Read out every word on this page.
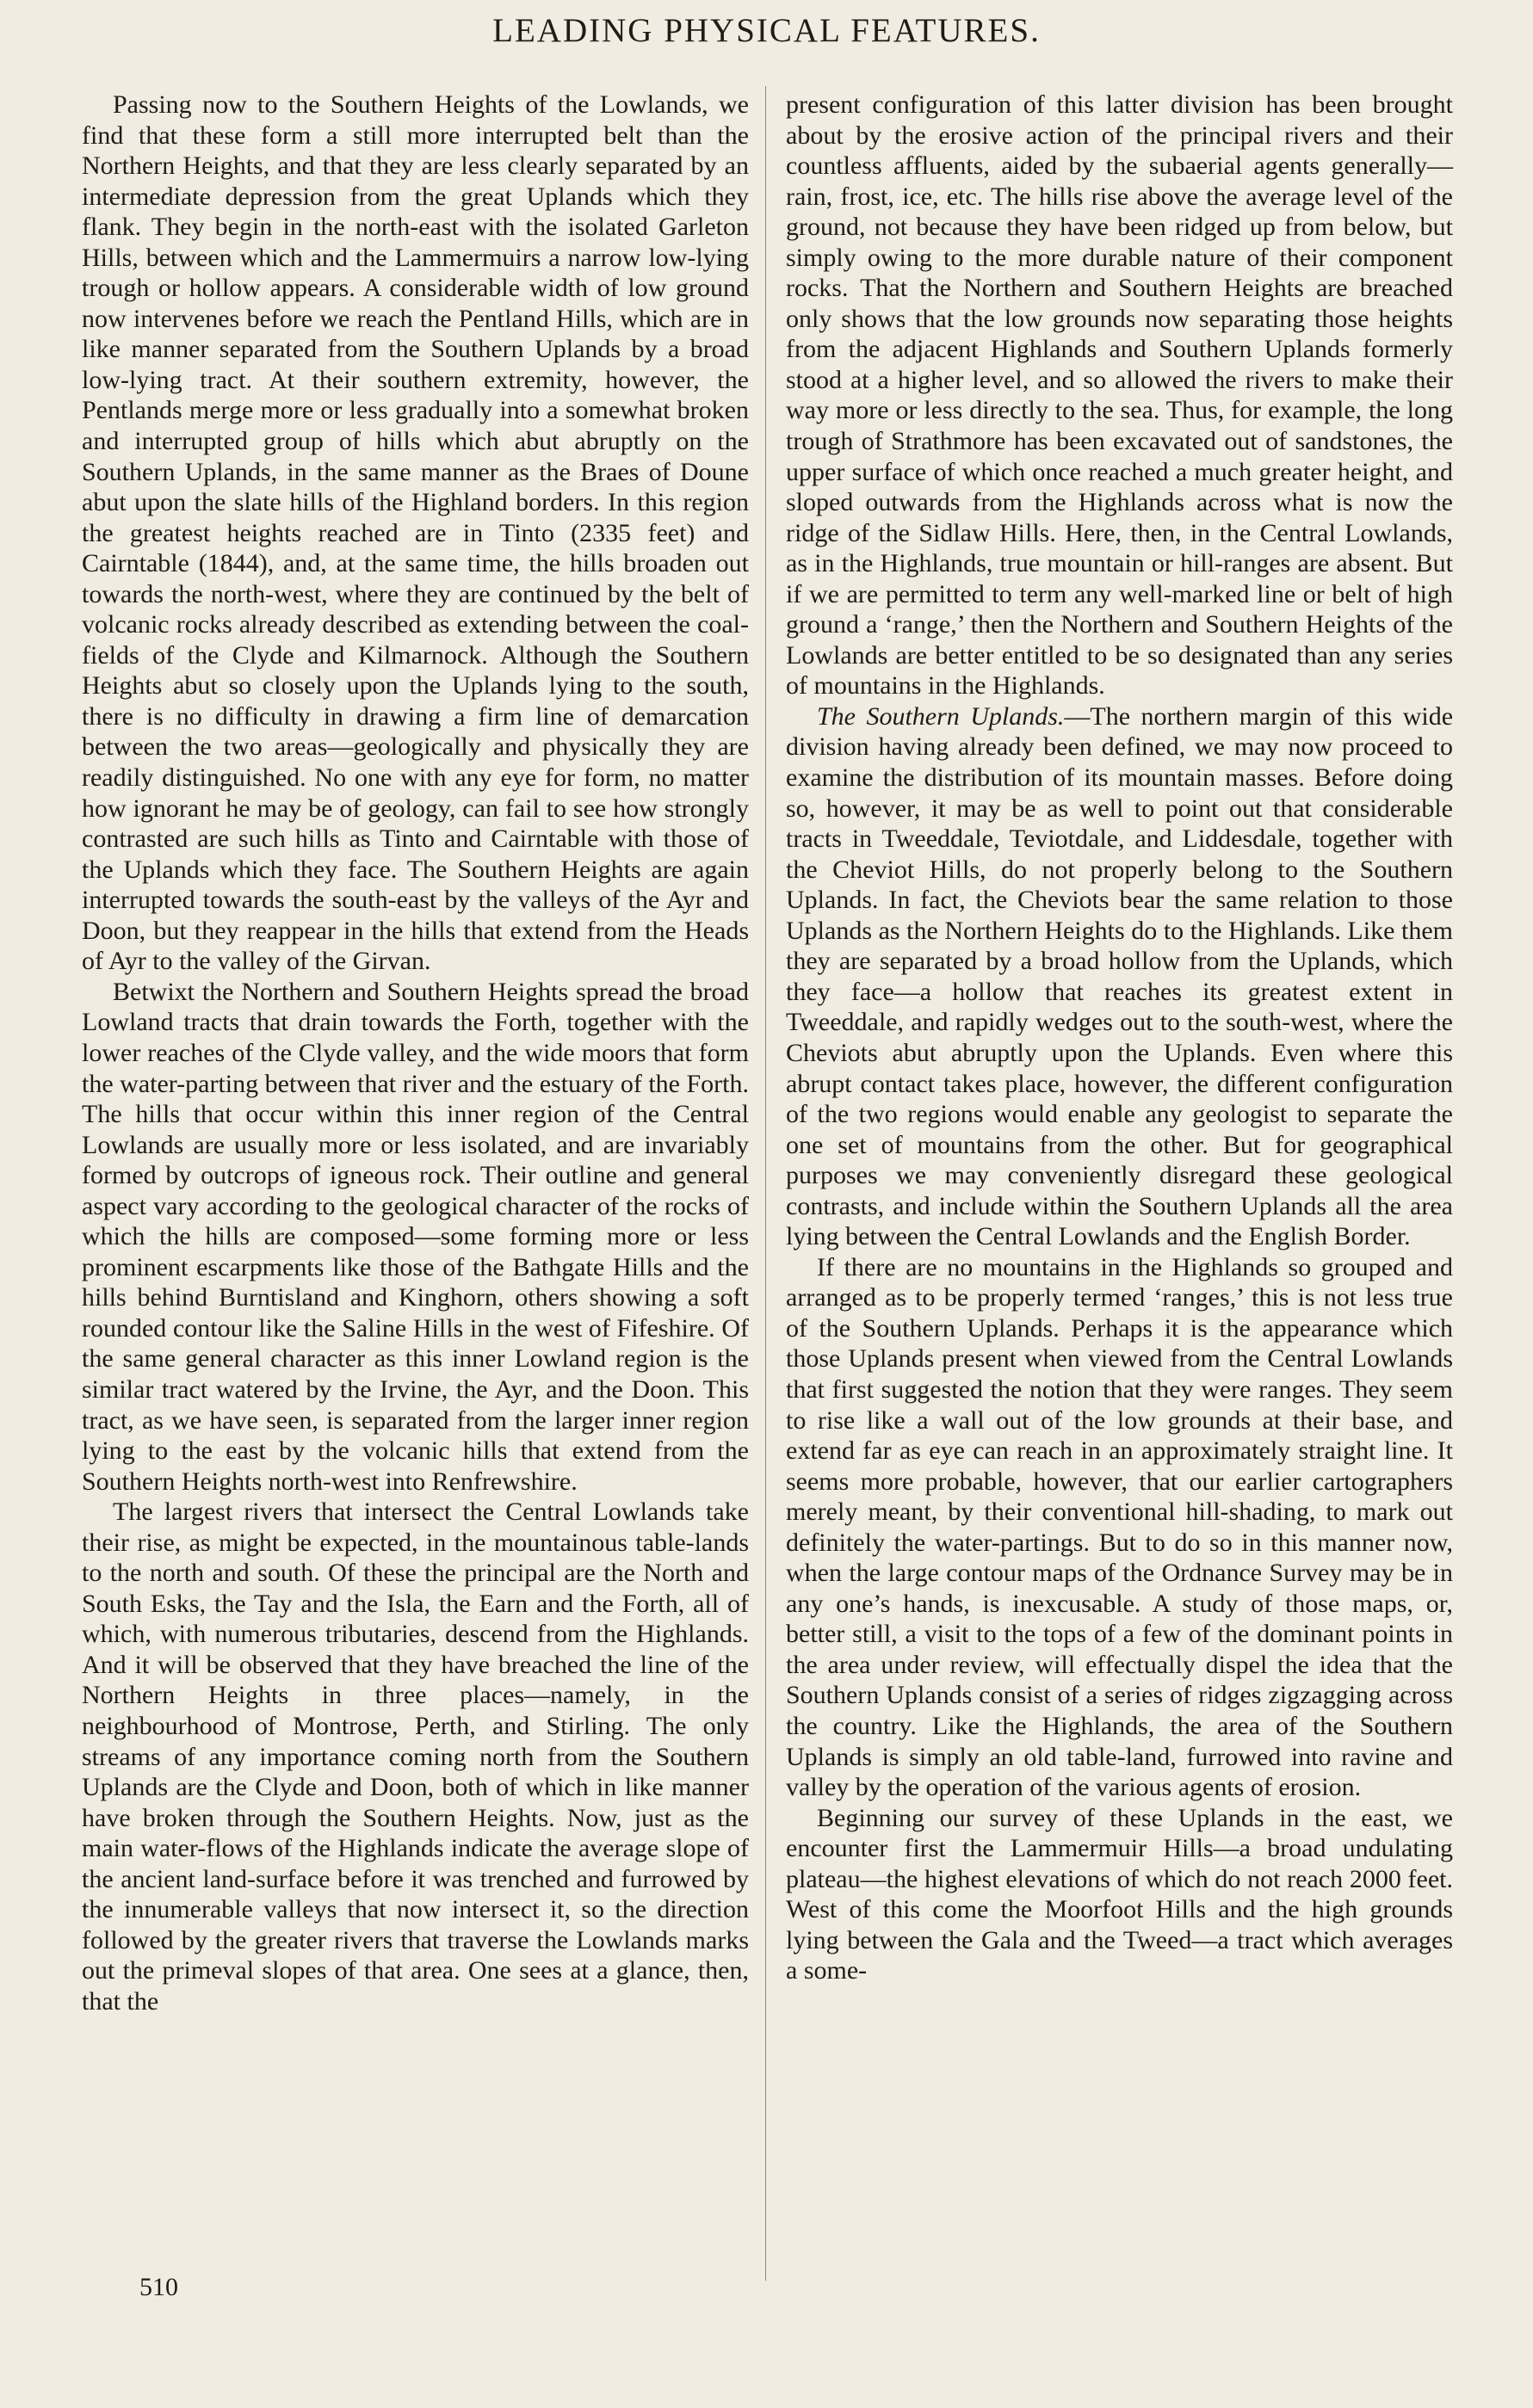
LEADING PHYSICAL FEATURES.

Passing now to the Southern Heights of the Lowlands, we find that these form a still more interrupted belt than the Northern Heights, and that they are less clearly separated by an intermediate depression from the great Uplands which they flank. They begin in the north-east with the isolated Garleton Hills, between which and the Lammermuirs a narrow low-lying trough or hollow appears. A considerable width of low ground now intervenes before we reach the Pentland Hills, which are in like manner separated from the Southern Uplands by a broad low-lying tract. At their southern extremity, however, the Pentlands merge more or less gradually into a somewhat broken and interrupted group of hills which abut abruptly on the Southern Uplands, in the same manner as the Braes of Doune abut upon the slate hills of the Highland borders. In this region the greatest heights reached are in Tinto (2335 feet) and Cairntable (1844), and, at the same time, the hills broaden out towards the north-west, where they are continued by the belt of volcanic rocks already described as extending between the coal-fields of the Clyde and Kilmarnock. Although the Southern Heights abut so closely upon the Uplands lying to the south, there is no difficulty in drawing a firm line of demarcation between the two areas—geologically and physically they are readily distinguished. No one with any eye for form, no matter how ignorant he may be of geology, can fail to see how strongly contrasted are such hills as Tinto and Cairntable with those of the Uplands which they face. The Southern Heights are again interrupted towards the south-east by the valleys of the Ayr and Doon, but they reappear in the hills that extend from the Heads of Ayr to the valley of the Girvan.

Betwixt the Northern and Southern Heights spread the broad Lowland tracts that drain towards the Forth, together with the lower reaches of the Clyde valley, and the wide moors that form the water-parting between that river and the estuary of the Forth. The hills that occur within this inner region of the Central Lowlands are usually more or less isolated, and are invariably formed by outcrops of igneous rock. Their outline and general aspect vary according to the geological character of the rocks of which the hills are composed—some forming more or less prominent escarpments like those of the Bathgate Hills and the hills behind Burntisland and Kinghorn, others showing a soft rounded contour like the Saline Hills in the west of Fifeshire. Of the same general character as this inner Lowland region is the similar tract watered by the Irvine, the Ayr, and the Doon. This tract, as we have seen, is separated from the larger inner region lying to the east by the volcanic hills that extend from the Southern Heights north-west into Renfrewshire.

The largest rivers that intersect the Central Lowlands take their rise, as might be expected, in the mountainous table-lands to the north and south. Of these the principal are the North and South Esks, the Tay and the Isla, the Earn and the Forth, all of which, with numerous tributaries, descend from the Highlands. And it will be observed that they have breached the line of the Northern Heights in three places—namely, in the neighbourhood of Montrose, Perth, and Stirling. The only streams of any importance coming north from the Southern Uplands are the Clyde and Doon, both of which in like manner have broken through the Southern Heights. Now, just as the main water-flows of the Highlands indicate the average slope of the ancient land-surface before it was trenched and furrowed by the innumerable valleys that now intersect it, so the direction followed by the greater rivers that traverse the Lowlands marks out the primeval slopes of that area. One sees at a glance, then, that the

present configuration of this latter division has been brought about by the erosive action of the principal rivers and their countless affluents, aided by the subaerial agents generally—rain, frost, ice, etc. The hills rise above the average level of the ground, not because they have been ridged up from below, but simply owing to the more durable nature of their component rocks. That the Northern and Southern Heights are breached only shows that the low grounds now separating those heights from the adjacent Highlands and Southern Uplands formerly stood at a higher level, and so allowed the rivers to make their way more or less directly to the sea. Thus, for example, the long trough of Strathmore has been excavated out of sandstones, the upper surface of which once reached a much greater height, and sloped outwards from the Highlands across what is now the ridge of the Sidlaw Hills. Here, then, in the Central Lowlands, as in the Highlands, true mountain or hill-ranges are absent. But if we are permitted to term any well-marked line or belt of high ground a ‘range,’ then the Northern and Southern Heights of the Lowlands are better entitled to be so designated than any series of mountains in the Highlands.

The Southern Uplands.—The northern margin of this wide division having already been defined, we may now proceed to examine the distribution of its mountain masses. Before doing so, however, it may be as well to point out that considerable tracts in Tweeddale, Teviotdale, and Liddesdale, together with the Cheviot Hills, do not properly belong to the Southern Uplands. In fact, the Cheviots bear the same relation to those Uplands as the Northern Heights do to the Highlands. Like them they are separated by a broad hollow from the Uplands, which they face—a hollow that reaches its greatest extent in Tweeddale, and rapidly wedges out to the south-west, where the Cheviots abut abruptly upon the Uplands. Even where this abrupt contact takes place, however, the different configuration of the two regions would enable any geologist to separate the one set of mountains from the other. But for geographical purposes we may conveniently disregard these geological contrasts, and include within the Southern Uplands all the area lying between the Central Lowlands and the English Border.

If there are no mountains in the Highlands so grouped and arranged as to be properly termed ‘ranges,’ this is not less true of the Southern Uplands. Perhaps it is the appearance which those Uplands present when viewed from the Central Lowlands that first suggested the notion that they were ranges. They seem to rise like a wall out of the low grounds at their base, and extend far as eye can reach in an approximately straight line. It seems more probable, however, that our earlier cartographers merely meant, by their conventional hill-shading, to mark out definitely the water-partings. But to do so in this manner now, when the large contour maps of the Ordnance Survey may be in any one’s hands, is inexcusable. A study of those maps, or, better still, a visit to the tops of a few of the dominant points in the area under review, will effectually dispel the idea that the Southern Uplands consist of a series of ridges zigzagging across the country. Like the Highlands, the area of the Southern Uplands is simply an old table-land, furrowed into ravine and valley by the operation of the various agents of erosion.

Beginning our survey of these Uplands in the east, we encounter first the Lammermuir Hills—a broad undulating plateau—the highest elevations of which do not reach 2000 feet. West of this come the Moorfoot Hills and the high grounds lying between the Gala and the Tweed—a tract which averages a some-

510
